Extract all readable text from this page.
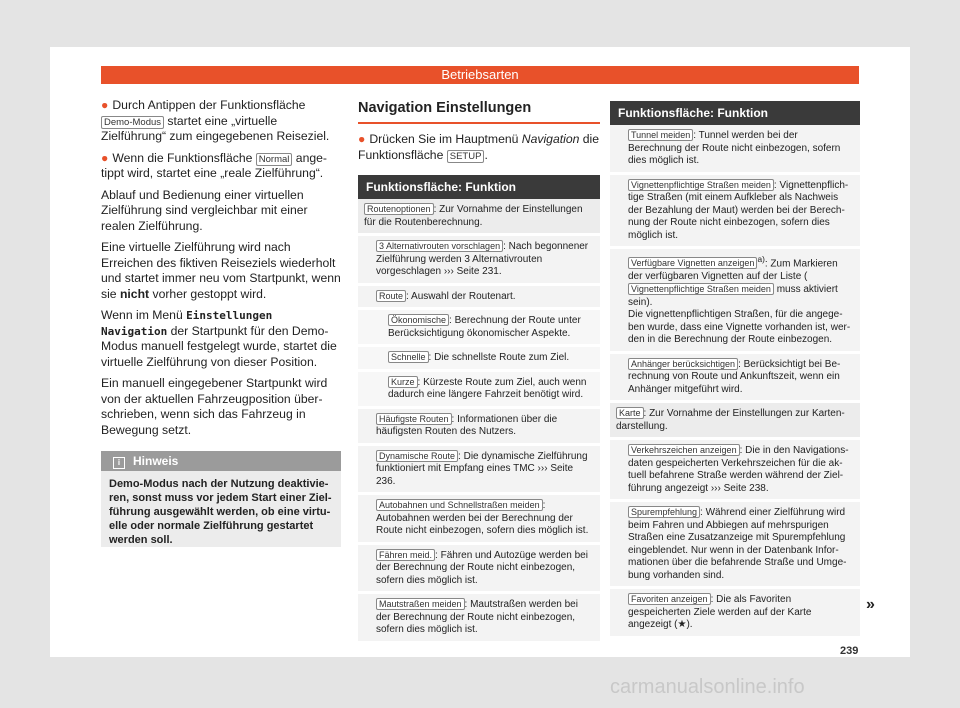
Betriebsarten

● Durch Antippen der Funktionsfläche Demo-Modus startet eine „virtuelle Zielführung“ zum eingegebenen Reiseziel.

● Wenn die Funktionsfläche Normal angetippt wird, startet eine „reale Zielführung“.

Ablauf und Bedienung einer virtuellen Zielführung sind vergleichbar mit einer realen Zielführung.

Eine virtuelle Zielführung wird nach Erreichen des fiktiven Reiseziels wiederholt und startet immer neu vom Startpunkt, wenn sie nicht vorher gestoppt wird.

Wenn im Menü Einstellungen Navigation der Startpunkt für den Demo-Modus manuell festgelegt wurde, startet die virtuelle Zielführung von dieser Position.

Ein manuell eingegebener Startpunkt wird von der aktuellen Fahrzeugposition überschrieben, wenn sich das Fahrzeug in Bewegung setzt.

i Hinweis
Demo-Modus nach der Nutzung deaktivieren, sonst muss vor jedem Start einer Zielführung ausgewählt werden, ob eine virtuelle oder normale Zielführung gestartet werden soll.
Navigation Einstellungen
● Drücken Sie im Hauptmenü Navigation die Funktionsfläche SETUP .
Funktionsfläche: Funktion
Routenoptionen : Zur Vornahme der Einstellungen für die Routenberechnung.
3 Alternativrouten vorschlagen : Nach begonnener Zielführung werden 3 Alternativrouten vorgeschlagen ››› Seite 231.
Route : Auswahl der Routenart.
Ökonomische : Berechnung der Route unter Berücksichtigung ökonomischer Aspekte.
Schnelle : Die schnellste Route zum Ziel.
Kurze : Kürzeste Route zum Ziel, auch wenn dadurch eine längere Fahrzeit benötigt wird.
Häufigste Routen : Informationen über die häufigsten Routen des Nutzers.
Dynamische Route : Die dynamische Zielführung funktioniert mit Empfang eines TMC ››› Seite 236.
Autobahnen und Schnellstraßen meiden : Autobahnen werden bei der Berechnung der Route nicht einbezogen, sofern dies möglich ist.
Fähren meid. : Fähren und Autozüge werden bei der Berechnung der Route nicht einbezogen, sofern dies möglich ist.
Mautstraßen meiden : Mautstraßen werden bei der Berechnung der Route nicht einbezogen, sofern dies möglich ist.
Funktionsfläche: Funktion
Tunnel meiden : Tunnel werden bei der Berechnung der Route nicht einbezogen, sofern dies möglich ist.
Vignettenpflichtige Straßen meiden : Vignettenpflichtige Straßen (mit einem Aufkleber als Nachweis der Bezahlung der Maut) werden bei der Berechnung der Route nicht einbezogen, sofern dies möglich ist.
Verfügbare Vignetten anzeigen $^{a)}$: Zum Markieren der verfügbaren Vignetten auf der Liste (Vignettenpflichtige Straßen meiden muss aktiviert sein).
Die vignettenpflichtigen Straßen, für die angegeben wurde, dass eine Vignette vorhanden ist, werden in die Berechnung der Route einbezogen.
Anhänger berücksichtigen : Berücksichtigt bei Berechnung von Route und Ankunftszeit, wenn ein Anhänger mitgeführt wird.
Karte : Zur Vornahme der Einstellungen zur Kartendarstellung.
Verkehrszeichen anzeigen : Die in den Navigationsdaten gespeicherten Verkehrszeichen für die aktuell befahrene Straße werden während der Zielführung angezeigt ››› Seite 238.
Spurempfehlung : Während einer Zielführung wird beim Fahren und Abbiegen auf mehrspurigen Straßen eine Zusatzanzeige mit Spurempfehlung eingeblendet. Nur wenn in der Datenbank Informationen über die befahrende Straße und Umgebung vorhanden sind.
Favoriten anzeigen : Die als Favoriten gespeicherten Ziele werden auf der Karte angezeigt (★).
»
239
carmanualsonline.info
